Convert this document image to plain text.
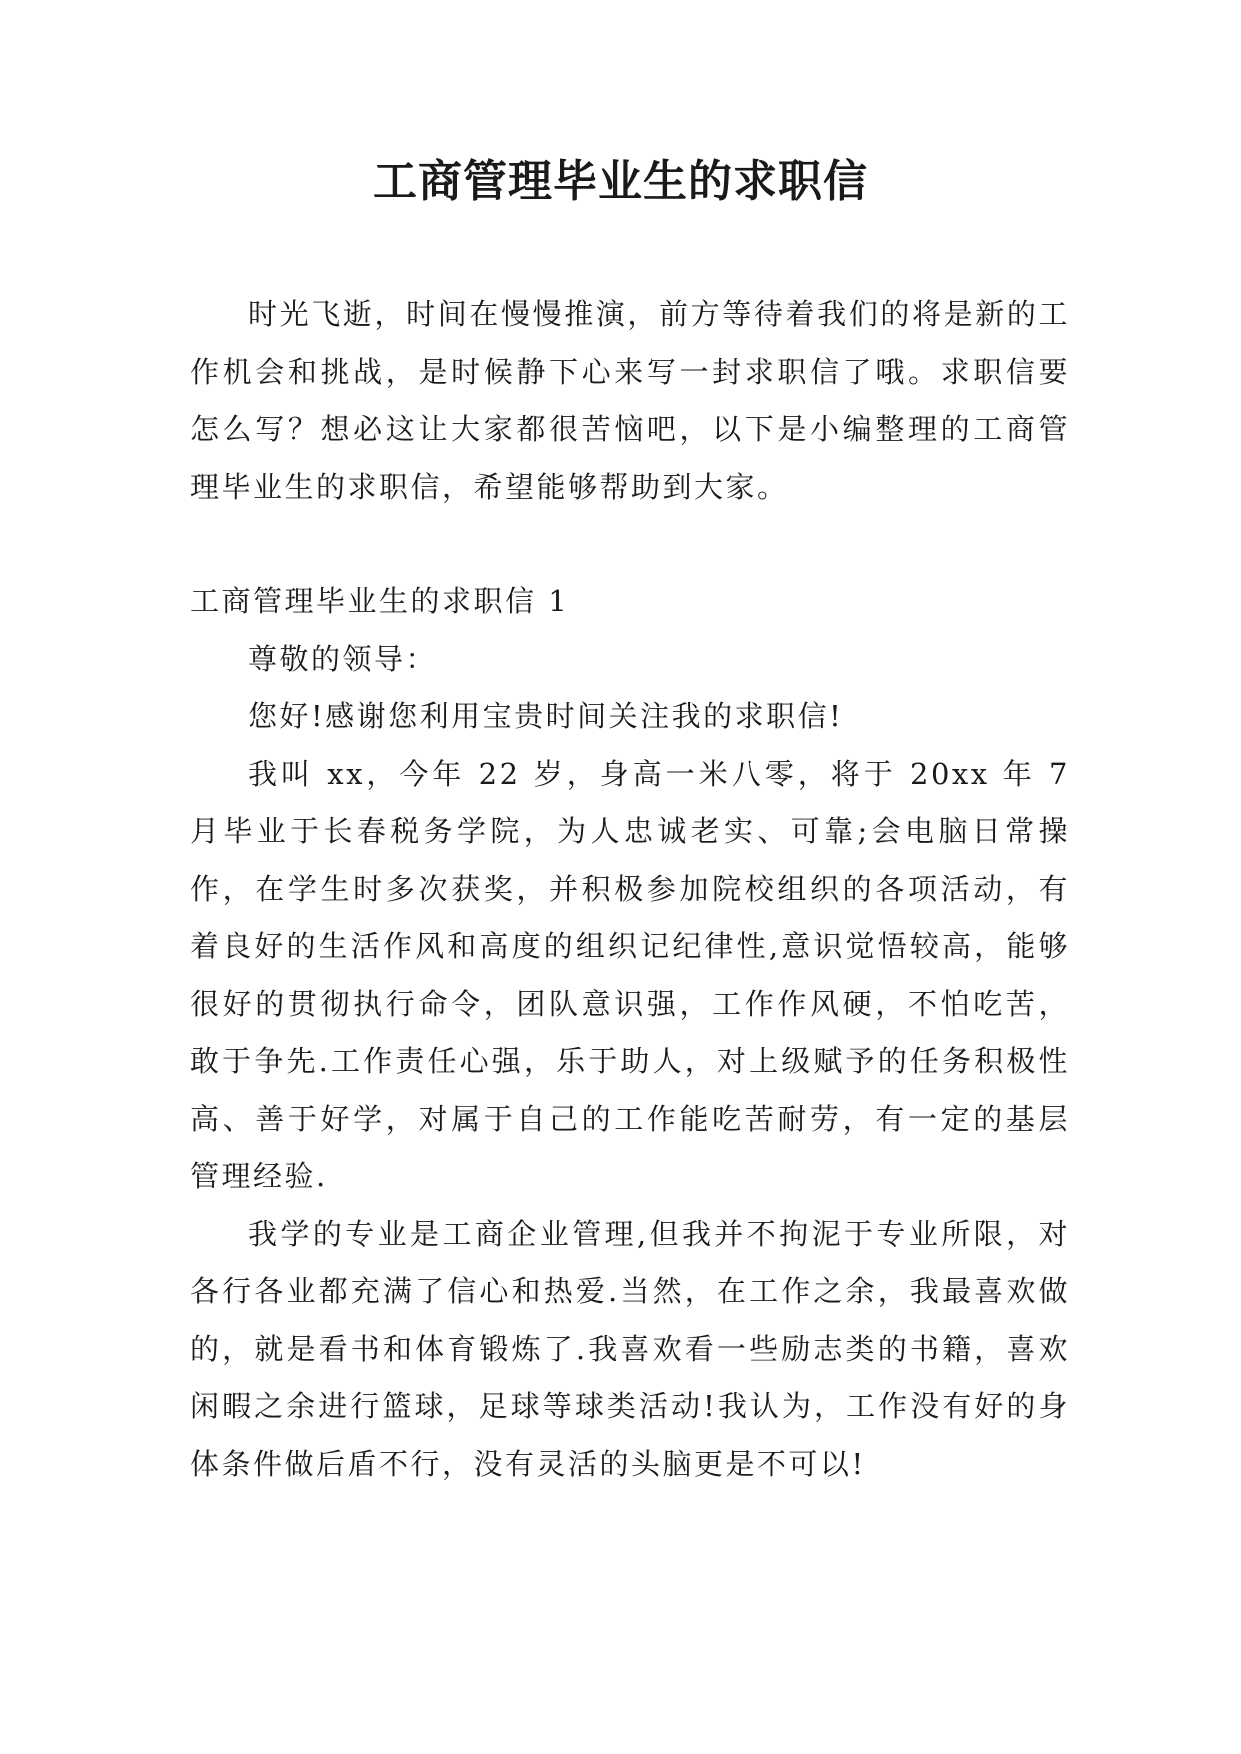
工商管理毕业生的求职信

时光飞逝，时间在慢慢推演，前方等待着我们的将是新的工作机会和挑战，是时候静下心来写一封求职信了哦。求职信要怎么写？想必这让大家都很苦恼吧，以下是小编整理的工商管理毕业生的求职信，希望能够帮助到大家。

工商管理毕业生的求职信 1

尊敬的领导：

您好!感谢您利用宝贵时间关注我的求职信!

我叫 xx，今年 22 岁，身高一米八零，将于 20xx 年 7 月毕业于长春税务学院，为人忠诚老实、可靠;会电脑日常操作，在学生时多次获奖，并积极参加院校组织的各项活动，有着良好的生活作风和高度的组织记纪律性,意识觉悟较高，能够很好的贯彻执行命令，团队意识强，工作作风硬，不怕吃苦，敢于争先.工作责任心强，乐于助人，对上级赋予的任务积极性高、善于好学，对属于自己的工作能吃苦耐劳，有一定的基层管理经验.

我学的专业是工商企业管理,但我并不拘泥于专业所限，对各行各业都充满了信心和热爱.当然，在工作之余，我最喜欢做的，就是看书和体育锻炼了.我喜欢看一些励志类的书籍，喜欢闲暇之余进行篮球，足球等球类活动!我认为，工作没有好的身体条件做后盾不行，没有灵活的头脑更是不可以!
